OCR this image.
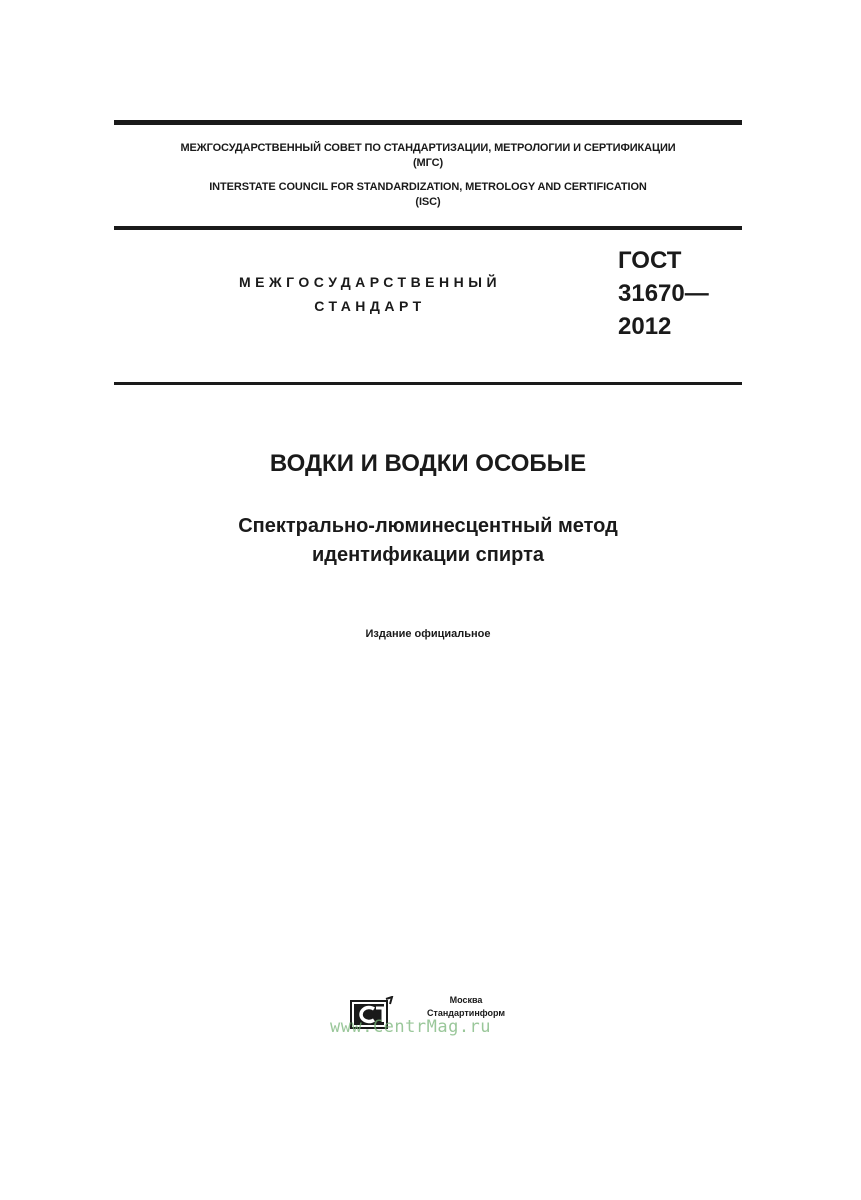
МЕЖГОСУДАРСТВЕННЫЙ СОВЕТ ПО СТАНДАРТИЗАЦИИ, МЕТРОЛОГИИ И СЕРТИФИКАЦИИ
(МГС)
INTERSTATE COUNCIL FOR STANDARDIZATION, METROLOGY AND CERTIFICATION
(ISC)
МЕЖГОСУДАРСТВЕННЫЙ
СТАНДАРТ
ГОСТ
31670—
2012
ВОДКИ И ВОДКИ ОСОБЫЕ
Спектрально-люминесцентный метод
идентификации спирта
Издание официальное
Москва
Стандартинформ
www.CentrMag.ru
